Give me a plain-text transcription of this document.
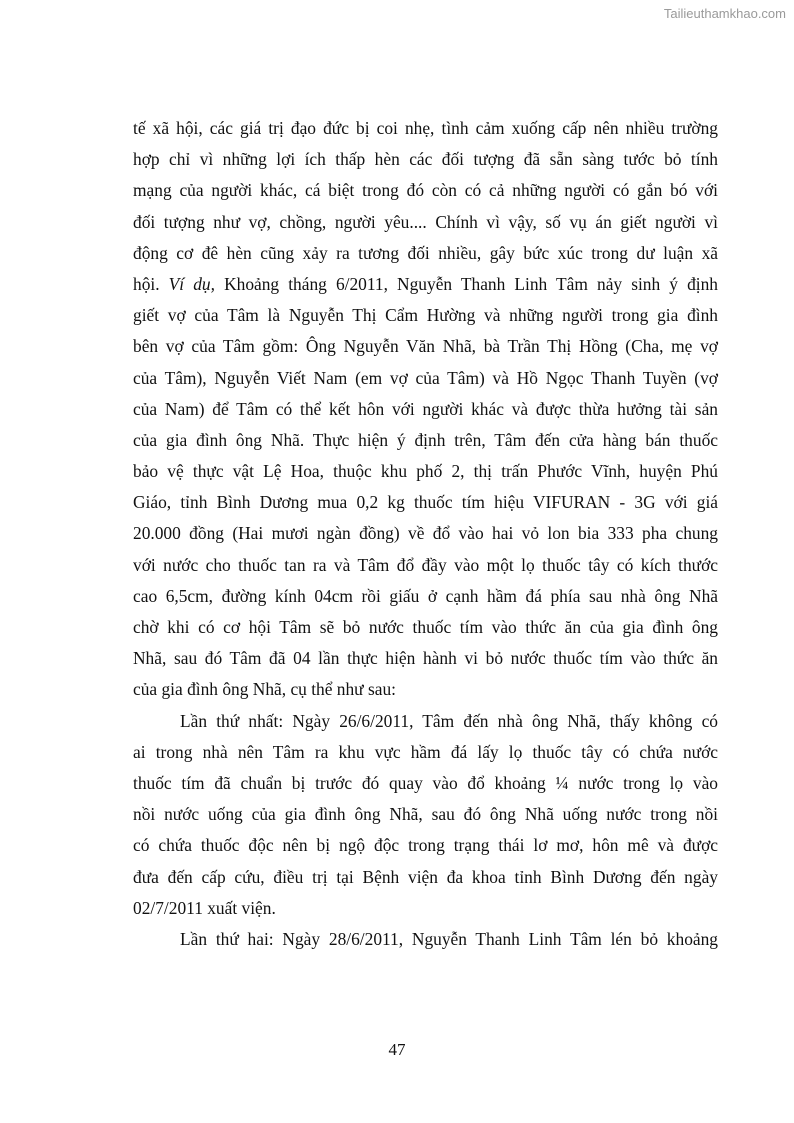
Tailieuthamkhao.com
tế xã hội, các giá trị đạo đức bị coi nhẹ, tình cảm xuống cấp nên nhiều trường
hợp chỉ vì những lợi ích thấp hèn các đối tượng đã sẵn sàng tước bỏ tính
mạng của người khác, cá biệt trong đó còn có cả những người có gắn bó với
đối tượng như vợ, chồng, người yêu.... Chính vì vậy, số vụ án giết người vì
động cơ đê hèn cũng xảy ra tương đối nhiều, gây bức xúc trong dư luận xã
hội. Ví dụ, Khoảng tháng 6/2011, Nguyễn Thanh Linh Tâm nảy sinh ý định
giết vợ của Tâm là Nguyễn Thị Cẩm Hường và những người trong gia đình
bên vợ của Tâm gồm: Ông Nguyễn Văn Nhã, bà Trần Thị Hồng (Cha, mẹ vợ
của Tâm), Nguyễn Viết Nam (em vợ của Tâm) và Hồ Ngọc Thanh Tuyền (vợ
của Nam) để Tâm có thể kết hôn với người khác và được thừa hưởng tài sản
của gia đình ông Nhã. Thực hiện ý định trên, Tâm đến cửa hàng bán thuốc
bảo vệ thực vật Lệ Hoa, thuộc khu phố 2, thị trấn Phước Vĩnh, huyện Phú
Giáo, tỉnh Bình Dương mua 0,2 kg thuốc tím hiệu VIFURAN - 3G với giá
20.000 đồng (Hai mươi ngàn đồng) về đổ vào hai vỏ lon bia 333 pha chung
với nước cho thuốc tan ra và Tâm đổ đầy vào một lọ thuốc tây có kích thước
cao 6,5cm, đường kính 04cm rồi giấu ở cạnh hầm đá phía sau nhà ông Nhã
chờ khi có cơ hội Tâm sẽ bỏ nước thuốc tím vào thức ăn của gia đình ông
Nhã, sau đó Tâm đã 04 lần thực hiện hành vi bỏ nước thuốc tím vào thức ăn
của gia đình ông Nhã, cụ thể như sau:
Lần thứ nhất: Ngày 26/6/2011, Tâm đến nhà ông Nhã, thấy không có
ai trong nhà nên Tâm ra khu vực hầm đá lấy lọ thuốc tây có chứa nước
thuốc tím đã chuẩn bị trước đó quay vào đổ khoảng ¼ nước trong lọ vào
nồi nước uống của gia đình ông Nhã, sau đó ông Nhã uống nước trong nồi
có chứa thuốc độc nên bị ngộ độc trong trạng thái lơ mơ, hôn mê và được
đưa đến cấp cứu, điều trị tại Bệnh viện đa khoa tỉnh Bình Dương đến ngày
02/7/2011 xuất viện.
Lần thứ hai: Ngày 28/6/2011, Nguyễn Thanh Linh Tâm lén bỏ khoảng
47
